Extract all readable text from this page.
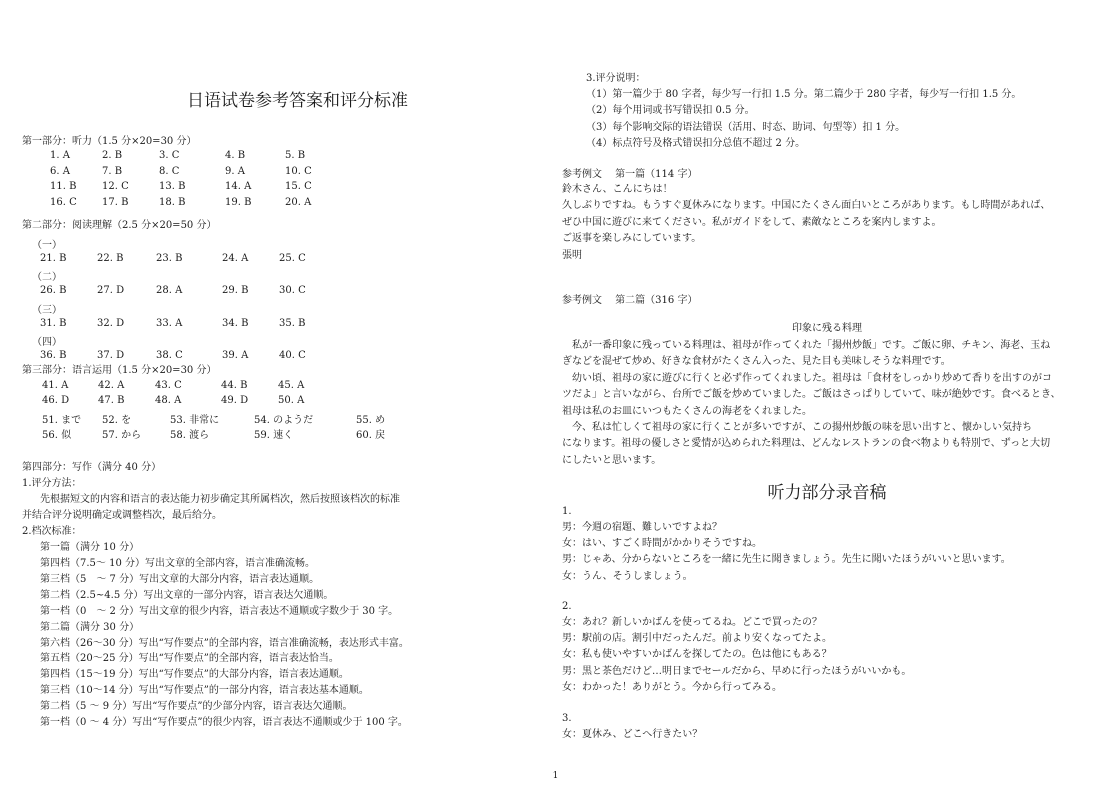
日语试卷参考答案和评分标准
第一部分：听力（1.5 分×20=30 分）
1. A	2. B	3. C	4. B	5. B
6. A	7. B	8. C	9. A	10. C
11. B	12. C	13. B	14. A	15. C
16. C	17. B	18. B	19. B	20. A
第二部分：阅读理解（2.5 分×20=50 分）
（一）
21. B	22. B	23. B	24. A	25. C
（二）
26. B	27. D	28. A	29. B	30. C
（三）
31. B	32. D	33. A	34. B	35. B
（四）
36. B	37. D	38. C	39. A	40. C
第三部分：语言运用（1.5 分×20=30 分）
41. A	42. A	43. C	44. B	45. A
46. D	47. B	48. A	49. D	50. A
51. まで 52. を	53. 非常に	54. のようだ	55. め
56. 似	57. から	58. 渡ら	59. 速く	60. 戻
第四部分：写作（满分 40 分）
1.评分方法：
先根据短文的内容和语言的表达能力初步确定其所属档次，然后按照该档次的标准
并结合评分说明确定或调整档次，最后给分。
2.档次标准：
第一篇（满分 10 分）
第四档（7.5～ 10 分）写出文章的全部内容，语言准确流畅。
第三档（5　～ 7 分）写出文章的大部分内容，语言表达通顺。
第二档（2.5~4.5 分）写出文章的一部分内容，语言表达欠通顺。
第一档（0　～ 2 分）写出文章的很少内容，语言表达不通顺或字数少于 30 字。
第二篇（满分 30 分）
第六档（26～30 分）写出“写作要点”的全部内容，语言准确流畅，表达形式丰富。
第五档（20～25 分）写出“写作要点”的全部内容，语言表达恰当。
第四档（15～19 分）写出“写作要点”的大部分内容，语言表达通顺。
第三档（10～14 分）写出“写作要点”的一部分内容，语言表达基本通顺。
第二档（5 ～ 9 分）写出“写作要点”的少部分内容，语言表达欠通顺。
第一档（0 ～ 4 分）写出“写作要点”的很少内容，语言表达不通顺或少于 100 字。
3.评分说明：
（1）第一篇少于 80 字者，每少写一行扣 1.5 分。第二篇少于 280 字者，每少写一行扣 1.5 分。
（2）每个用词或书写错误扣 0.5 分。
（3）每个影响交际的语法错误（活用、时态、助词、句型等）扣 1 分。
（4）标点符号及格式错误扣分总值不超过 2 分。
参考例文　 第一篇（114 字）
鈴木さん、こんにちは！
久しぶりですね。もうすぐ夏休みになります。中国にたくさん面白いところがあります。もし時間があれば、
ぜひ中国に遊びに来てください。私がガイドをして、素敵なところを案内しますよ。
ご返事を楽しみにしています。
張明
参考例文　 第二篇（316 字）
印象に残る料理
　私が一番印象に残っている料理は、祖母が作ってくれた「揚州炒飯」です。ご飯に卵、チキン、海老、玉ね
ぎなどを混ぜて炒め、好きな食材がたくさん入った、見た目も美味しそうな料理です。
　幼い頃、祖母の家に遊びに行くと必ず作ってくれました。祖母は「食材をしっかり炒めて香りを出すのがコ
ツだよ」と言いながら、台所でご飯を炒めていました。ご飯はさっぱりしていて、味が絶妙です。食べるとき、
祖母は私のお皿にいつもたくさんの海老をくれました。
　今、私は忙しくて祖母の家に行くことが多いですが、この揚州炒飯の味を思い出すと、懐かしい気持ち
になります。祖母の優しさと愛情が込められた料理は、どんなレストランの食べ物よりも特別で、ずっと大切
にしたいと思います。
听力部分录音稿
1.
男：今週の宿題、難しいですよね？
女：はい、すごく時間がかかりそうですね。
男：じゃあ、分からないところを一緒に先生に聞きましょう。先生に聞いたほうがいいと思います。
女：うん、そうしましょう。
2.
女：あれ？新しいかばんを使ってるね。どこで買ったの？
男：駅前の店。割引中だったんだ。前より安くなってたよ。
女：私も使いやすいかばんを探してたの。色は他にもある？
男：黒と茶色だけど…明日までセールだから、早めに行ったほうがいいかも。
女：わかった！ありがとう。今から行ってみる。
3.
女：夏休み、どこへ行きたい？
1
